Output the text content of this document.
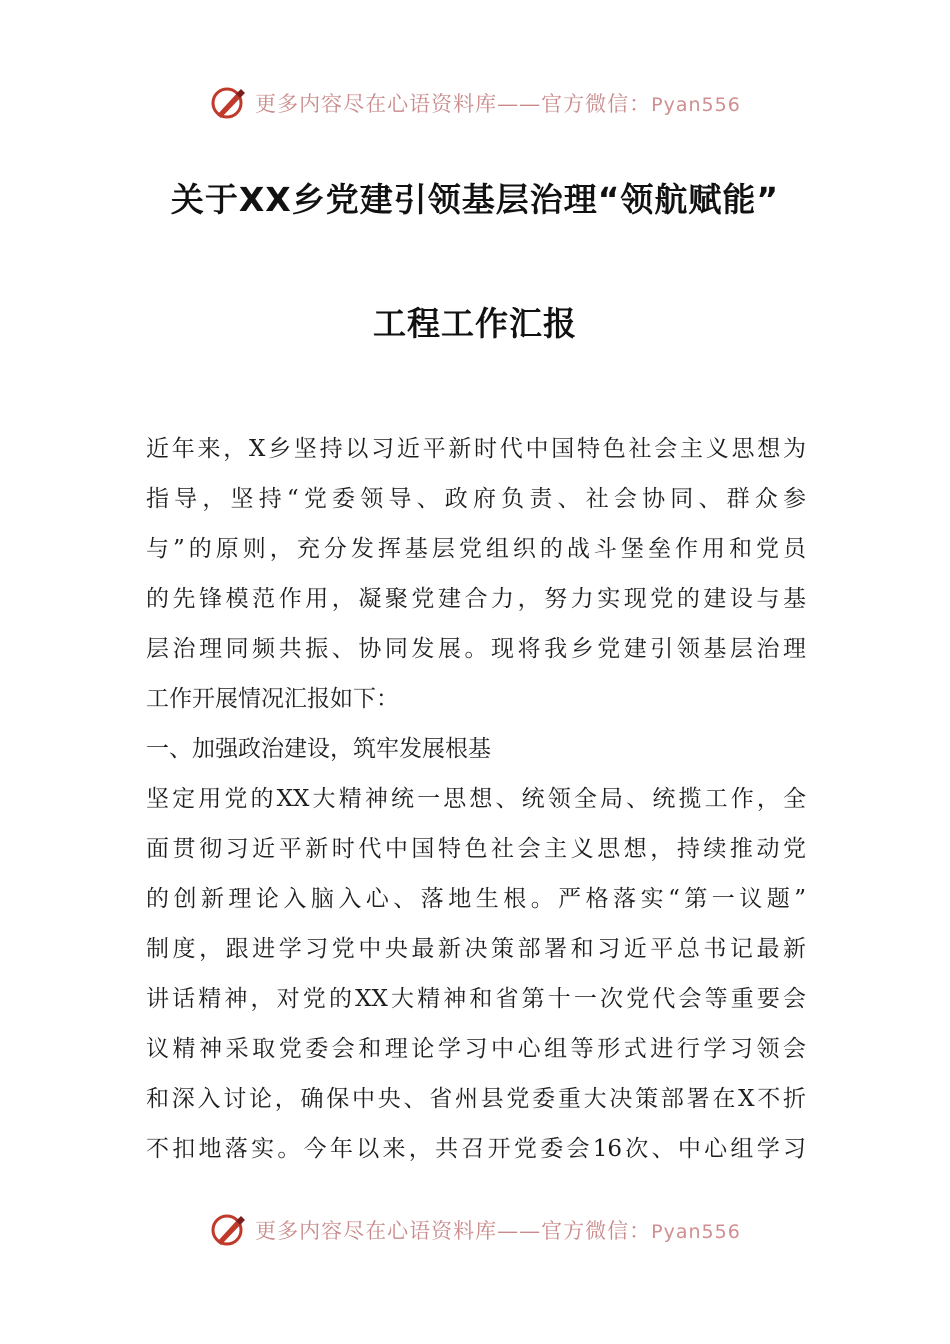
更多内容尽在心语资料库——官方微信：Pyan556
关于XX乡党建引领基层治理“领航赋能”
工程工作汇报
近年来，X乡坚持以习近平新时代中国特色社会主义思想为
指导，坚持“党委领导、政府负责、社会协同、群众参
与”的原则，充分发挥基层党组织的战斗堡垒作用和党员
的先锋模范作用，凝聚党建合力，努力实现党的建设与基
层治理同频共振、协同发展。现将我乡党建引领基层治理
工作开展情况汇报如下：
一、加强政治建设，筑牢发展根基
坚定用党的XX大精神统一思想、统领全局、统揽工作，全
面贯彻习近平新时代中国特色社会主义思想，持续推动党
的创新理论入脑入心、落地生根。严格落实“第一议题”
制度，跟进学习党中央最新决策部署和习近平总书记最新
讲话精神，对党的XX大精神和省第十一次党代会等重要会
议精神采取党委会和理论学习中心组等形式进行学习领会
和深入讨论，确保中央、省州县党委重大决策部署在X不折
不扣地落实。今年以来，共召开党委会16次、中心组学习
更多内容尽在心语资料库——官方微信：Pyan556
